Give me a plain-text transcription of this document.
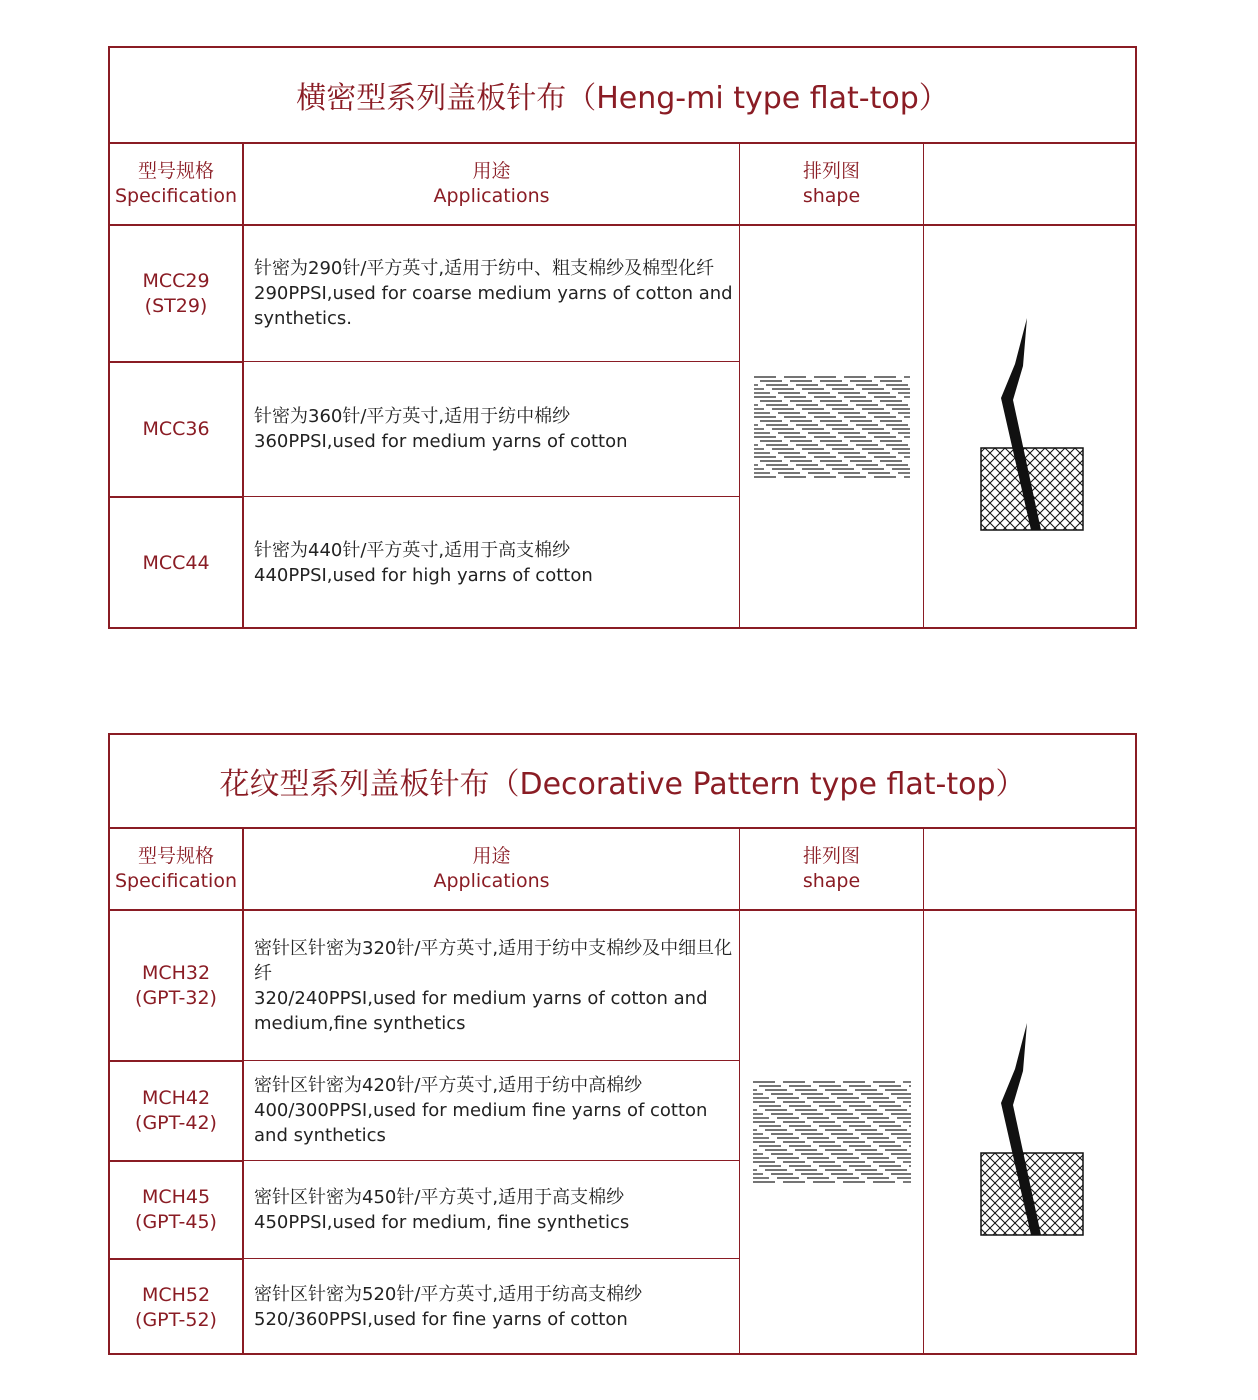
横密型系列盖板针布（Heng-mi type flat-top）
型号规格
Specification
用途
Applications
排列图
shape
MCC29
(ST29)
MCC36
MCC44
针密为290针/平方英寸,适用于纺中、粗支棉纱及棉型化纤
290PPSI,used for coarse medium yarns of cotton and synthetics.
针密为360针/平方英寸,适用于纺中棉纱
360PPSI,used for medium yarns of cotton
针密为440针/平方英寸,适用于高支棉纱
440PPSI,used for high yarns of cotton
花纹型系列盖板针布（Decorative Pattern type flat-top）
型号规格
Specification
用途
Applications
排列图
shape
MCH32
(GPT-32)
MCH42
(GPT-42)
MCH45
(GPT-45)
MCH52
(GPT-52)
密针区针密为320针/平方英寸,适用于纺中支棉纱及中细旦化纤
320/240PPSI,used for medium yarns of cotton and medium,fine synthetics
密针区针密为420针/平方英寸,适用于纺中高棉纱
400/300PPSI,used for medium fine yarns of cotton and synthetics
密针区针密为450针/平方英寸,适用于高支棉纱
450PPSI,used for medium, fine synthetics
密针区针密为520针/平方英寸,适用于纺高支棉纱
520/360PPSI,used for fine yarns of cotton
